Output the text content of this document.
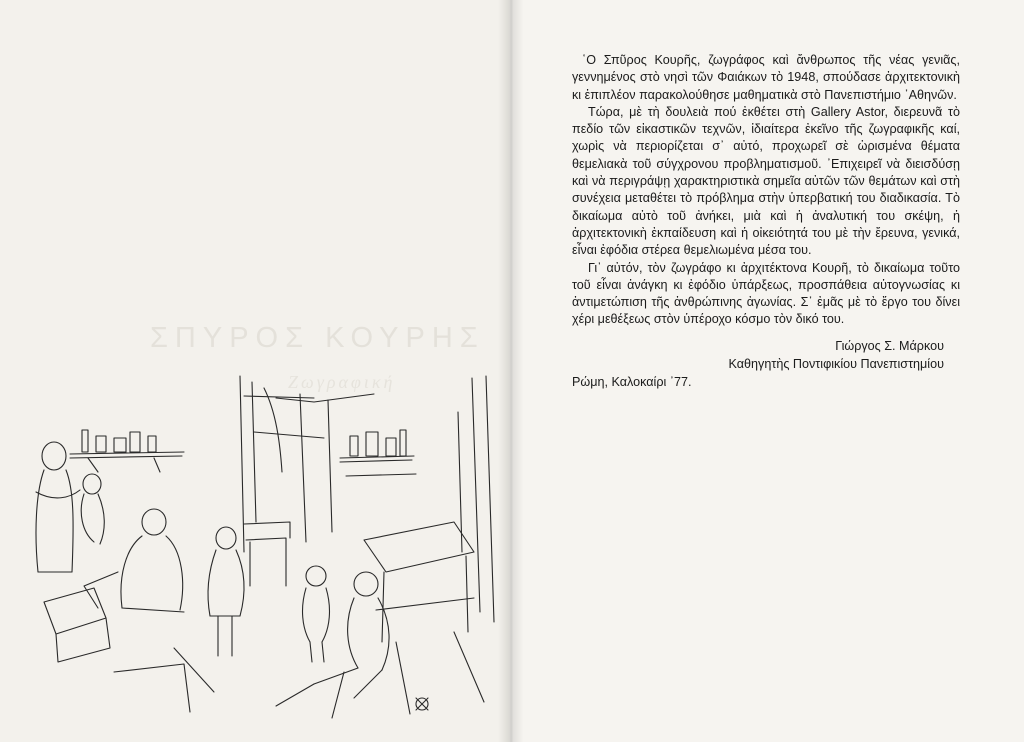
ΣΠΥΡΟΣ ΚΟΥΡΗΣ
Ζωγραφική

῾Ο Σπῦρος Κουρῆς, ζωγράφος καὶ ἄνθρωπος τῆς νέας γενιᾶς, γεννημένος στὸ νησὶ τῶν Φαιάκων τὸ 1948, σπούδασε ἀρχιτεκτονικὴ κι ἐπιπλέον παρακολούθησε μαθηματικὰ στὸ Πανεπιστήμιο ᾿Αθηνῶν.

Τώρα, μὲ τὴ δουλειὰ πού ἐκθέτει στὴ Gallery Astor, διερευνᾶ τὸ πεδίο τῶν εἰκαστικῶν τεχνῶν, ἰδιαίτερα ἐκεῖνο τῆς ζωγραφικῆς καί, χωρὶς νὰ περιορίζεται σ᾿ αὐτό, προχωρεῖ σὲ ὡρισμένα θέματα θεμελιακὰ τοῦ σύγχρονου προβληματισμοῦ. ᾿Επιχειρεῖ νὰ διεισδύσῃ καὶ νὰ περιγράψῃ χαρακτηριστικὰ σημεῖα αὐτῶν τῶν θεμάτων καὶ στὴ συνέχεια μεταθέτει τὸ πρόβλημα στὴν ὑπερβατική του διαδικασία. Τὸ δικαίωμα αὐτὸ τοῦ ἀνήκει, μιὰ καὶ ἡ ἀναλυτική του σκέψη, ἡ ἀρχιτεκτονικὴ ἐκπαίδευση καὶ ἡ οἰκειότητά του μὲ τὴν ἔρευνα, γενικά, εἶναι ἐφόδια στέρεα θεμελιωμένα μέσα του.

Γι᾿ αὐτόν, τὸν ζωγράφο κι ἀρχιτέκτονα Κουρῆ, τὸ δικαίωμα τοῦτο τοῦ εἶναι ἀνάγκη κι ἐφόδιο ὑπάρξεως, προσπάθεια αὐτογνωσίας κι ἀντιμετώπιση τῆς ἀνθρώπινης ἀγωνίας. Σ᾿ ἐμᾶς μὲ τὸ ἔργο του δίνει χέρι μεθέξεως στὸν ὑπέροχο κόσμο τὸν δικό του.

Γιώργος Σ. Μάρκου
Καθηγητὴς Ποντιφικίου Πανεπιστημίου
Ρώμη, Καλοκαίρι ᾿77.
